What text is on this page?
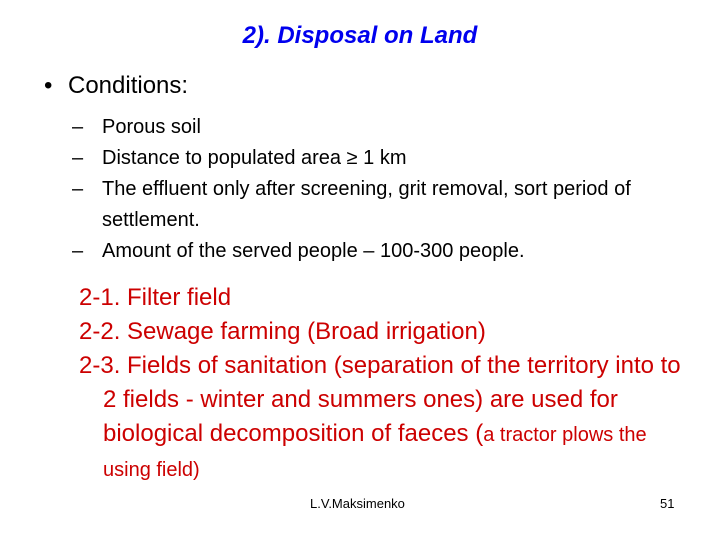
2). Disposal on Land
• Conditions:
– Porous soil
– Distance to populated area ≥ 1 km
– The effluent only after screening, grit removal, sort period of settlement.
– Amount of the served people – 100-300 people.
2-1. Filter field
2-2. Sewage farming (Broad irrigation)
2-3. Fields of sanitation (separation of the territory into to 2 fields - winter and summers ones) are used for biological decomposition of faeces (a tractor plows the using field)
L.V.Maksimenko	51
